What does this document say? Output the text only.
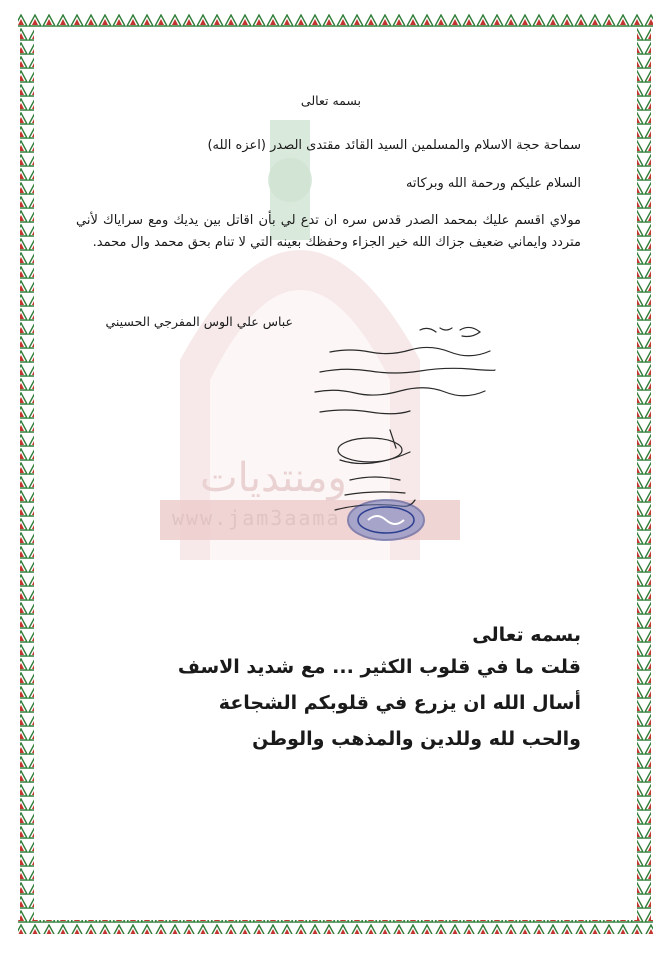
ومنتديات
www.jam3aama
بسمه تعالى
سماحة حجة الاسلام والمسلمين السيد القائد مقتدى الصدر (اعزه الله)
السلام عليكم ورحمة الله وبركاته
مولاي اقسم عليك بمحمد الصدر قدس سره ان تدع لي بأن اقاتل بين يديك ومع سراياك لأني متردد وايماني ضعيف جزاك الله خير الجزاء وحفظك بعينه التي لا تنام بحق محمد وال محمد.
عباس علي الوس المفرجي الحسيني
بسمه تعالى
قلت ما في قلوب الكثير ... مع شديد الاسف
أسال الله ان يزرع في قلوبكم الشجاعة
والحب لله وللدين والمذهب والوطن
